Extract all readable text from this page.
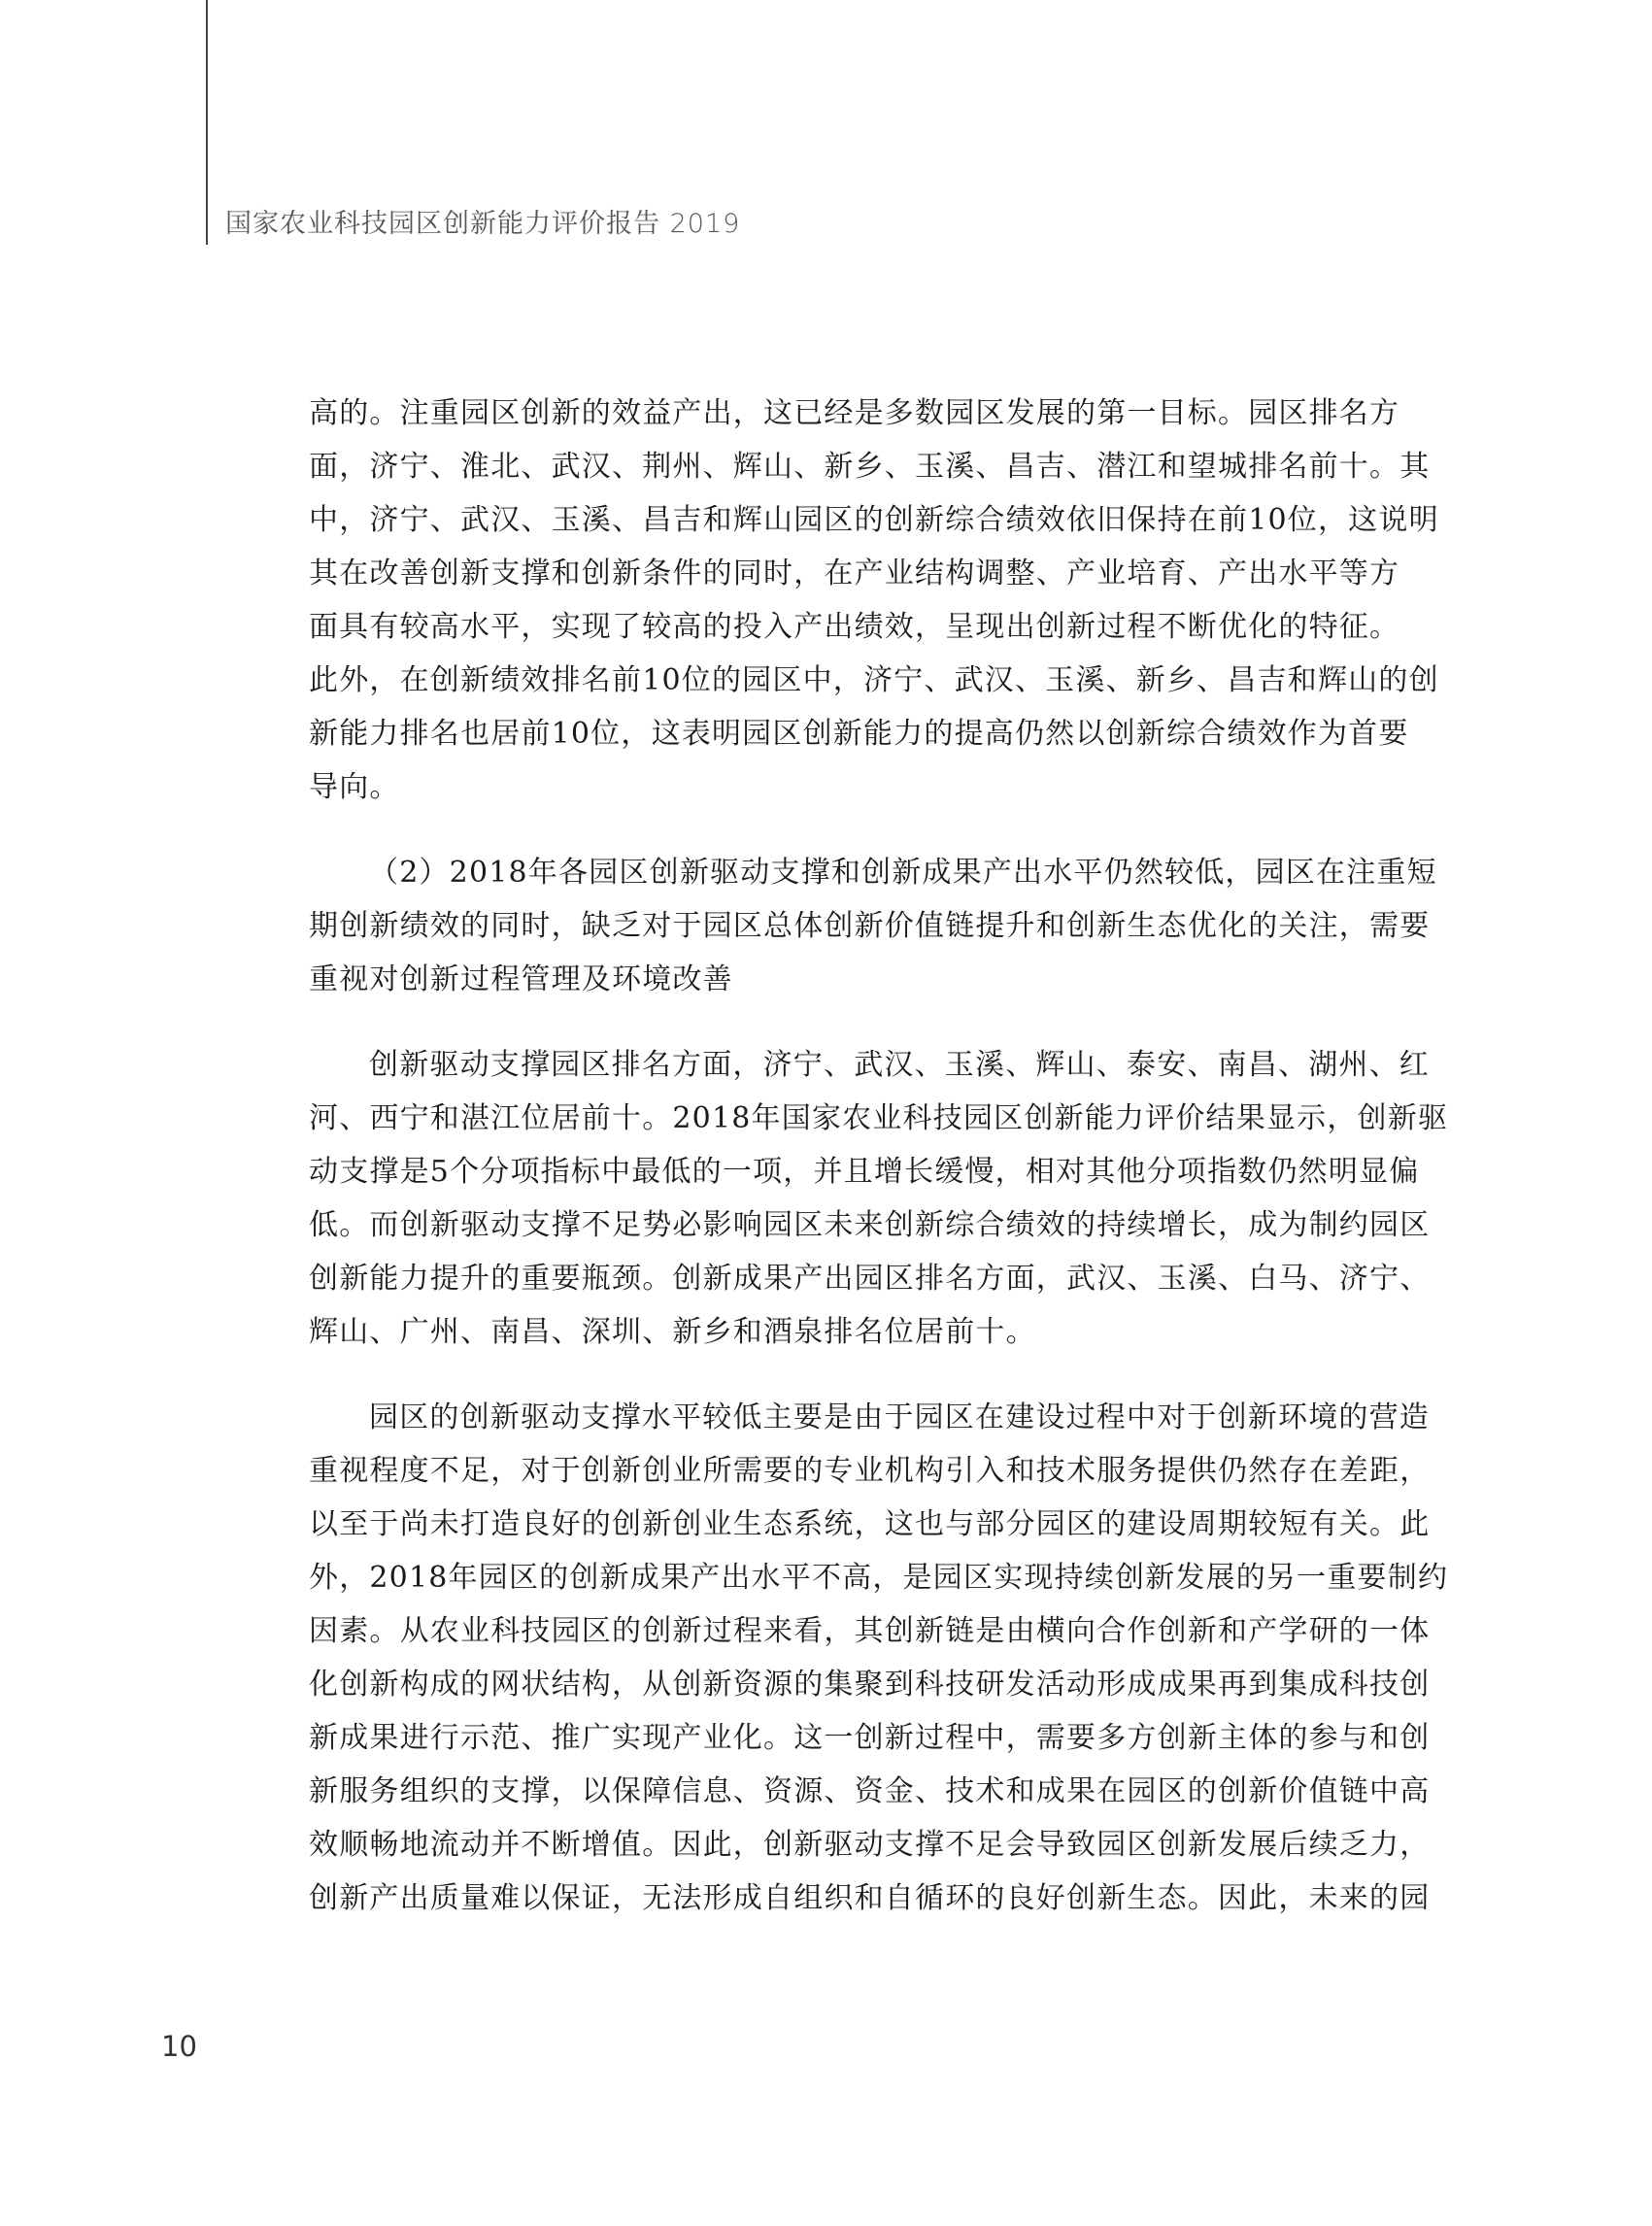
国家农业科技园区创新能力评价报告 2019
高的。注重园区创新的效益产出，这已经是多数园区发展的第一目标。园区排名方
面，济宁、淮北、武汉、荆州、辉山、新乡、玉溪、昌吉、潜江和望城排名前十。其
中，济宁、武汉、玉溪、昌吉和辉山园区的创新综合绩效依旧保持在前10位，这说明
其在改善创新支撑和创新条件的同时，在产业结构调整、产业培育、产出水平等方
面具有较高水平，实现了较高的投入产出绩效，呈现出创新过程不断优化的特征。
此外，在创新绩效排名前10位的园区中，济宁、武汉、玉溪、新乡、昌吉和辉山的创
新能力排名也居前10位，这表明园区创新能力的提高仍然以创新综合绩效作为首要
导向。
（2）2018年各园区创新驱动支撑和创新成果产出水平仍然较低，园区在注重短
期创新绩效的同时，缺乏对于园区总体创新价值链提升和创新生态优化的关注，需要
重视对创新过程管理及环境改善
创新驱动支撑园区排名方面，济宁、武汉、玉溪、辉山、泰安、南昌、湖州、红
河、西宁和湛江位居前十。2018年国家农业科技园区创新能力评价结果显示，创新驱
动支撑是5个分项指标中最低的一项，并且增长缓慢，相对其他分项指数仍然明显偏
低。而创新驱动支撑不足势必影响园区未来创新综合绩效的持续增长，成为制约园区
创新能力提升的重要瓶颈。创新成果产出园区排名方面，武汉、玉溪、白马、济宁、
辉山、广州、南昌、深圳、新乡和酒泉排名位居前十。
园区的创新驱动支撑水平较低主要是由于园区在建设过程中对于创新环境的营造
重视程度不足，对于创新创业所需要的专业机构引入和技术服务提供仍然存在差距，
以至于尚未打造良好的创新创业生态系统，这也与部分园区的建设周期较短有关。此
外，2018年园区的创新成果产出水平不高，是园区实现持续创新发展的另一重要制约
因素。从农业科技园区的创新过程来看，其创新链是由横向合作创新和产学研的一体
化创新构成的网状结构，从创新资源的集聚到科技研发活动形成成果再到集成科技创
新成果进行示范、推广实现产业化。这一创新过程中，需要多方创新主体的参与和创
新服务组织的支撑，以保障信息、资源、资金、技术和成果在园区的创新价值链中高
效顺畅地流动并不断增值。因此，创新驱动支撑不足会导致园区创新发展后续乏力，
创新产出质量难以保证，无法形成自组织和自循环的良好创新生态。因此，未来的园
10
